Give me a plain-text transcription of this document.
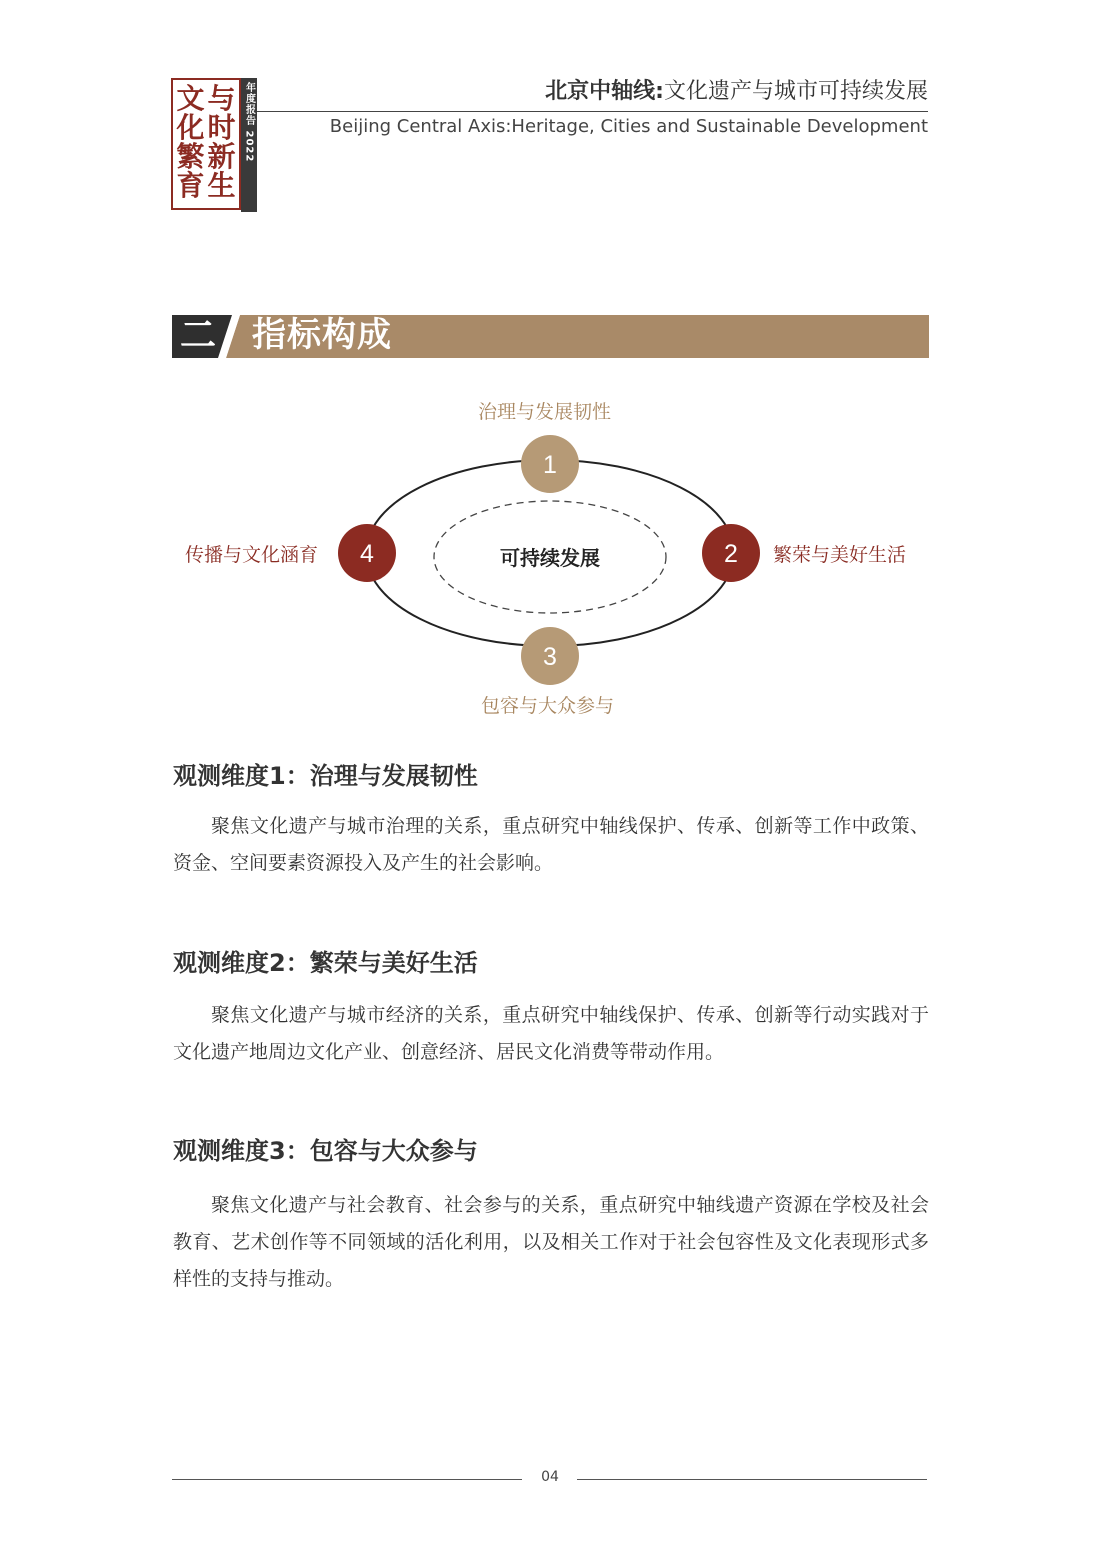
文 与
化 时
繁 新
育 生
年度报告 2022	北京中轴线:文化遗产与城市可持续发展
Beijing Central Axis:Heritage, Cities and Sustainable Development
二 指标构成
1
2
3
4	可持续发展
治理与发展韧性
繁荣与美好生活
包容与大众参与
传播与文化涵育
观测维度1：治理与发展韧性

聚焦文化遗产与城市治理的关系，重点研究中轴线保护、传承、创新等工作中政策、资金、空间要素资源投入及产生的社会影响。

观测维度2：繁荣与美好生活

聚焦文化遗产与城市经济的关系，重点研究中轴线保护、传承、创新等行动实践对于文化遗产地周边文化产业、创意经济、居民文化消费等带动作用。

观测维度3：包容与大众参与

聚焦文化遗产与社会教育、社会参与的关系，重点研究中轴线遗产资源在学校及社会教育、艺术创作等不同领域的活化利用，以及相关工作对于社会包容性及文化表现形式多样性的支持与推动。

04
